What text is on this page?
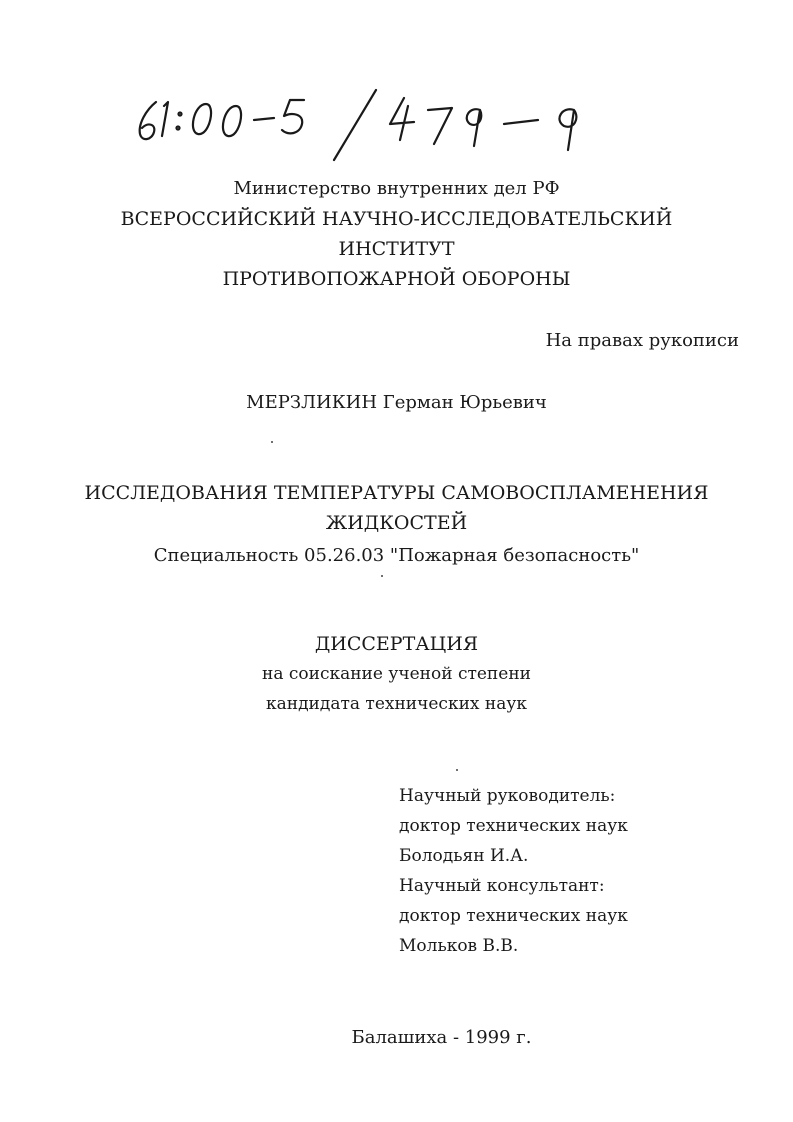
61:00-5/479-9
Министерство внутренних дел РФ
ВСЕРОССИЙСКИЙ НАУЧНО-ИССЛЕДОВАТЕЛЬСКИЙ
ИНСТИТУТ
ПРОТИВОПОЖАРНОЙ ОБОРОНЫ
На правах рукописи
МЕРЗЛИКИН Герман Юрьевич
ИССЛЕДОВАНИЯ ТЕМПЕРАТУРЫ САМОВОСПЛАМЕНЕНИЯ
ЖИДКОСТЕЙ
Специальность 05.26.03 "Пожарная безопасность"
ДИССЕРТАЦИЯ
на соискание ученой степени
кандидата технических наук
Научный руководитель:
доктор технических наук
Болодьян И.А.
Научный консультант:
доктор технических наук
Мольков В.В.
Балашиха - 1999 г.
